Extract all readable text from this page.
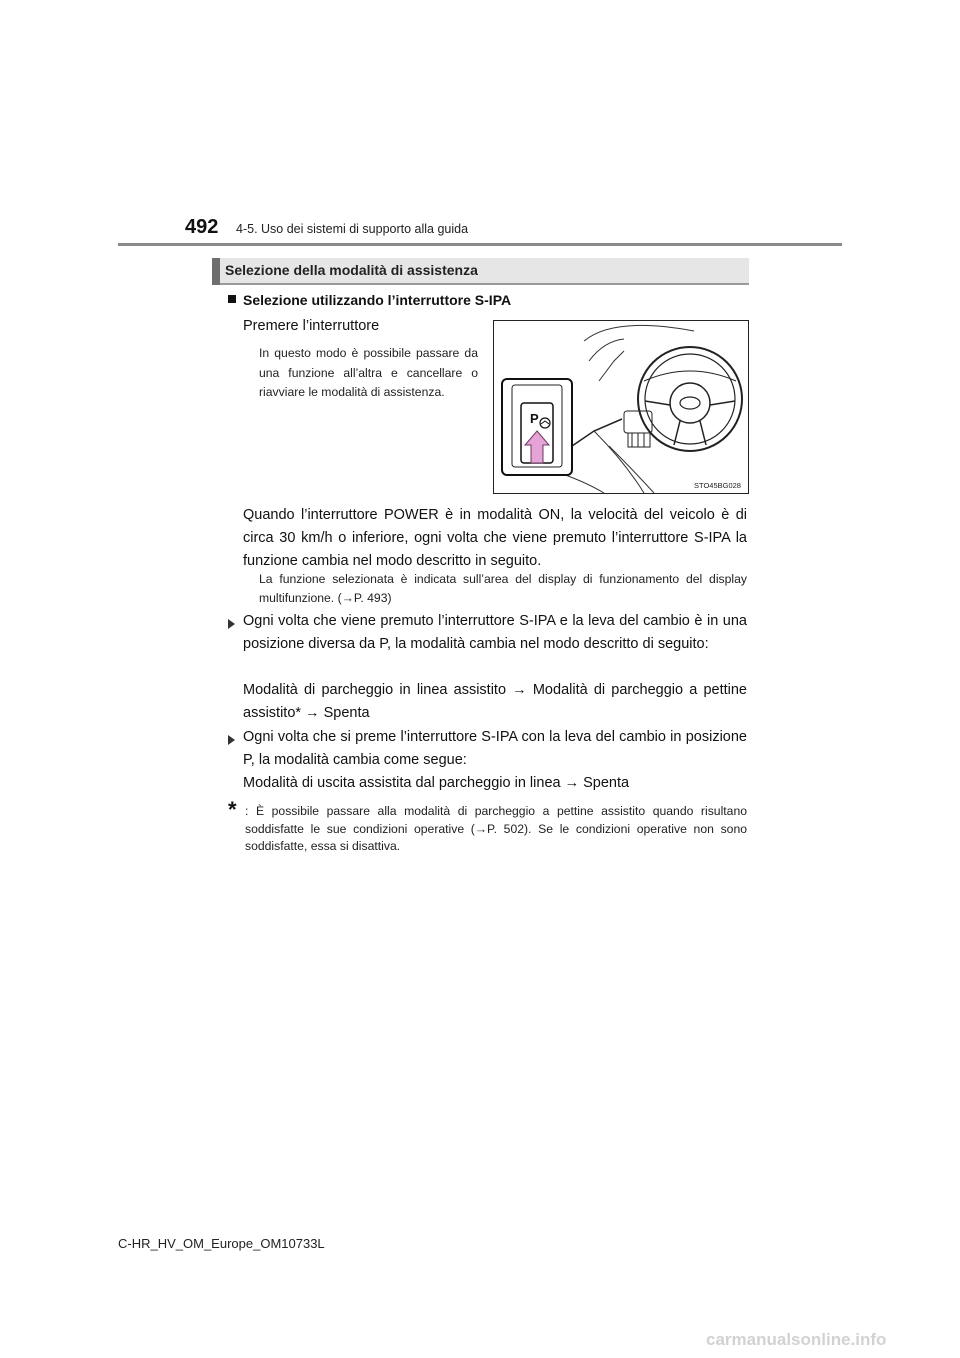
492 4-5. Uso dei sistemi di supporto alla guida
Selezione della modalità di assistenza
Selezione utilizzando l’interruttore S-IPA
Premere l’interruttore
In questo modo è possibile passare da una funzione all’altra e cancellare o riavviare le modalità di assistenza.
P
STO45BG028
Quando l’interruttore POWER è in modalità ON, la velocità del veicolo è di circa 30 km/h o inferiore, ogni volta che viene premuto l’interruttore S-IPA la funzione cambia nel modo descritto in seguito.
La funzione selezionata è indicata sull’area del display di funzionamento del display multifunzione. (→P. 493)
Ogni volta che viene premuto l’interruttore S-IPA e la leva del cambio è in una posizione diversa da P, la modalità cambia nel modo descritto di seguito:
Modalità di parcheggio in linea assistito → Modalità di parcheggio a pettine assistito* → Spenta
Ogni volta che si preme l’interruttore S-IPA con la leva del cambio in posizione P, la modalità cambia come segue:
Modalità di uscita assistita dal parcheggio in linea → Spenta
* : È possibile passare alla modalità di parcheggio a pettine assistito quando risultano soddisfatte le sue condizioni operative (→P. 502). Se le condizioni operative non sono soddisfatte, essa si disattiva.
C-HR_HV_OM_Europe_OM10733L
carmanualsonline.info
